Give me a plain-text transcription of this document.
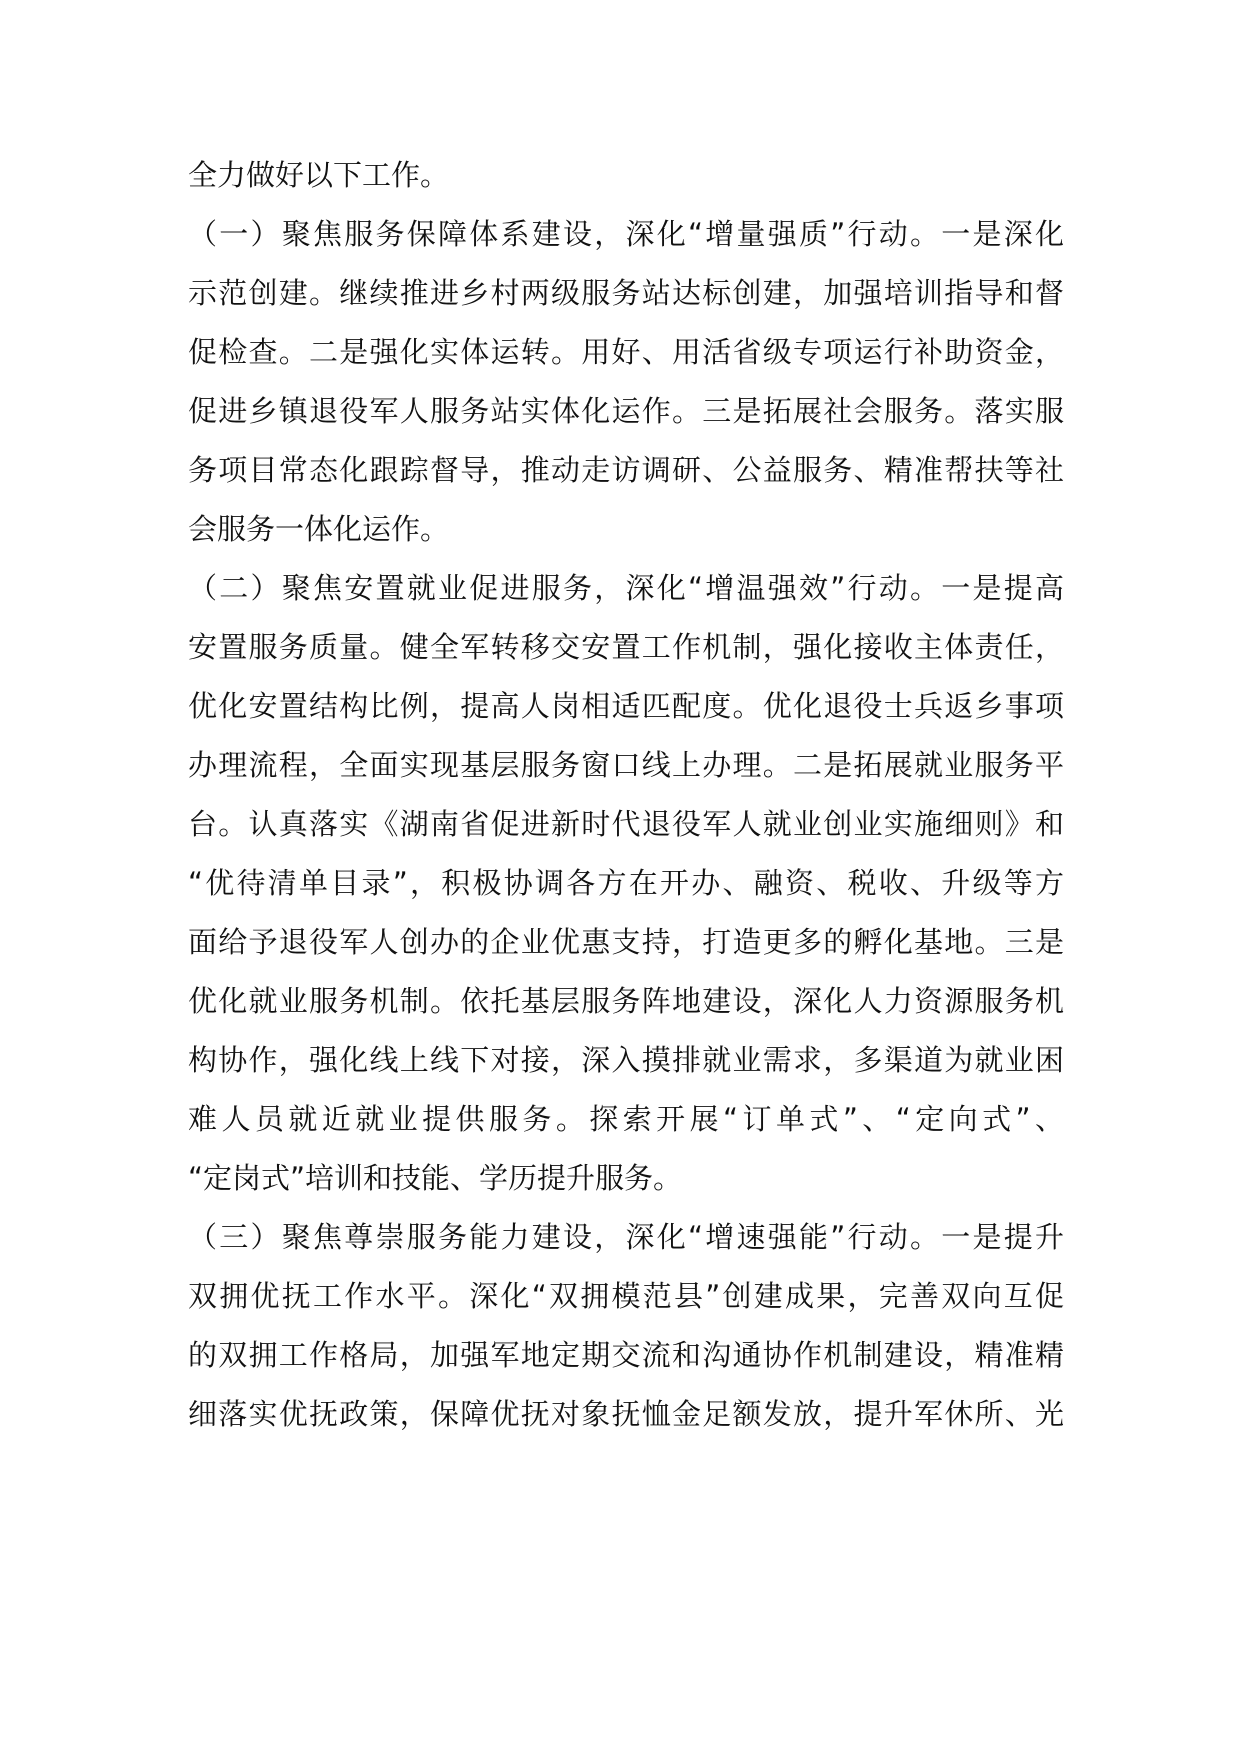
全力做好以下工作。
（一）聚焦服务保障体系建设，深化“增量强质”行动。一是深化
示范创建。继续推进乡村两级服务站达标创建，加强培训指导和督
促检查。二是强化实体运转。用好、用活省级专项运行补助资金，
促进乡镇退役军人服务站实体化运作。三是拓展社会服务。落实服
务项目常态化跟踪督导，推动走访调研、公益服务、精准帮扶等社
会服务一体化运作。
（二）聚焦安置就业促进服务，深化“增温强效”行动。一是提高
安置服务质量。健全军转移交安置工作机制，强化接收主体责任，
优化安置结构比例，提高人岗相适匹配度。优化退役士兵返乡事项
办理流程，全面实现基层服务窗口线上办理。二是拓展就业服务平
台。认真落实《湖南省促进新时代退役军人就业创业实施细则》和
“优待清单目录”，积极协调各方在开办、融资、税收、升级等方
面给予退役军人创办的企业优惠支持，打造更多的孵化基地。三是
优化就业服务机制。依托基层服务阵地建设，深化人力资源服务机
构协作，强化线上线下对接，深入摸排就业需求，多渠道为就业困
难人员就近就业提供服务。探索开展“订单式”、“定向式”、
“定岗式”培训和技能、学历提升服务。
（三）聚焦尊崇服务能力建设，深化“增速强能”行动。一是提升
双拥优抚工作水平。深化“双拥模范县”创建成果，完善双向互促
的双拥工作格局，加强军地定期交流和沟通协作机制建设，精准精
细落实优抚政策，保障优抚对象抚恤金足额发放，提升军休所、光
